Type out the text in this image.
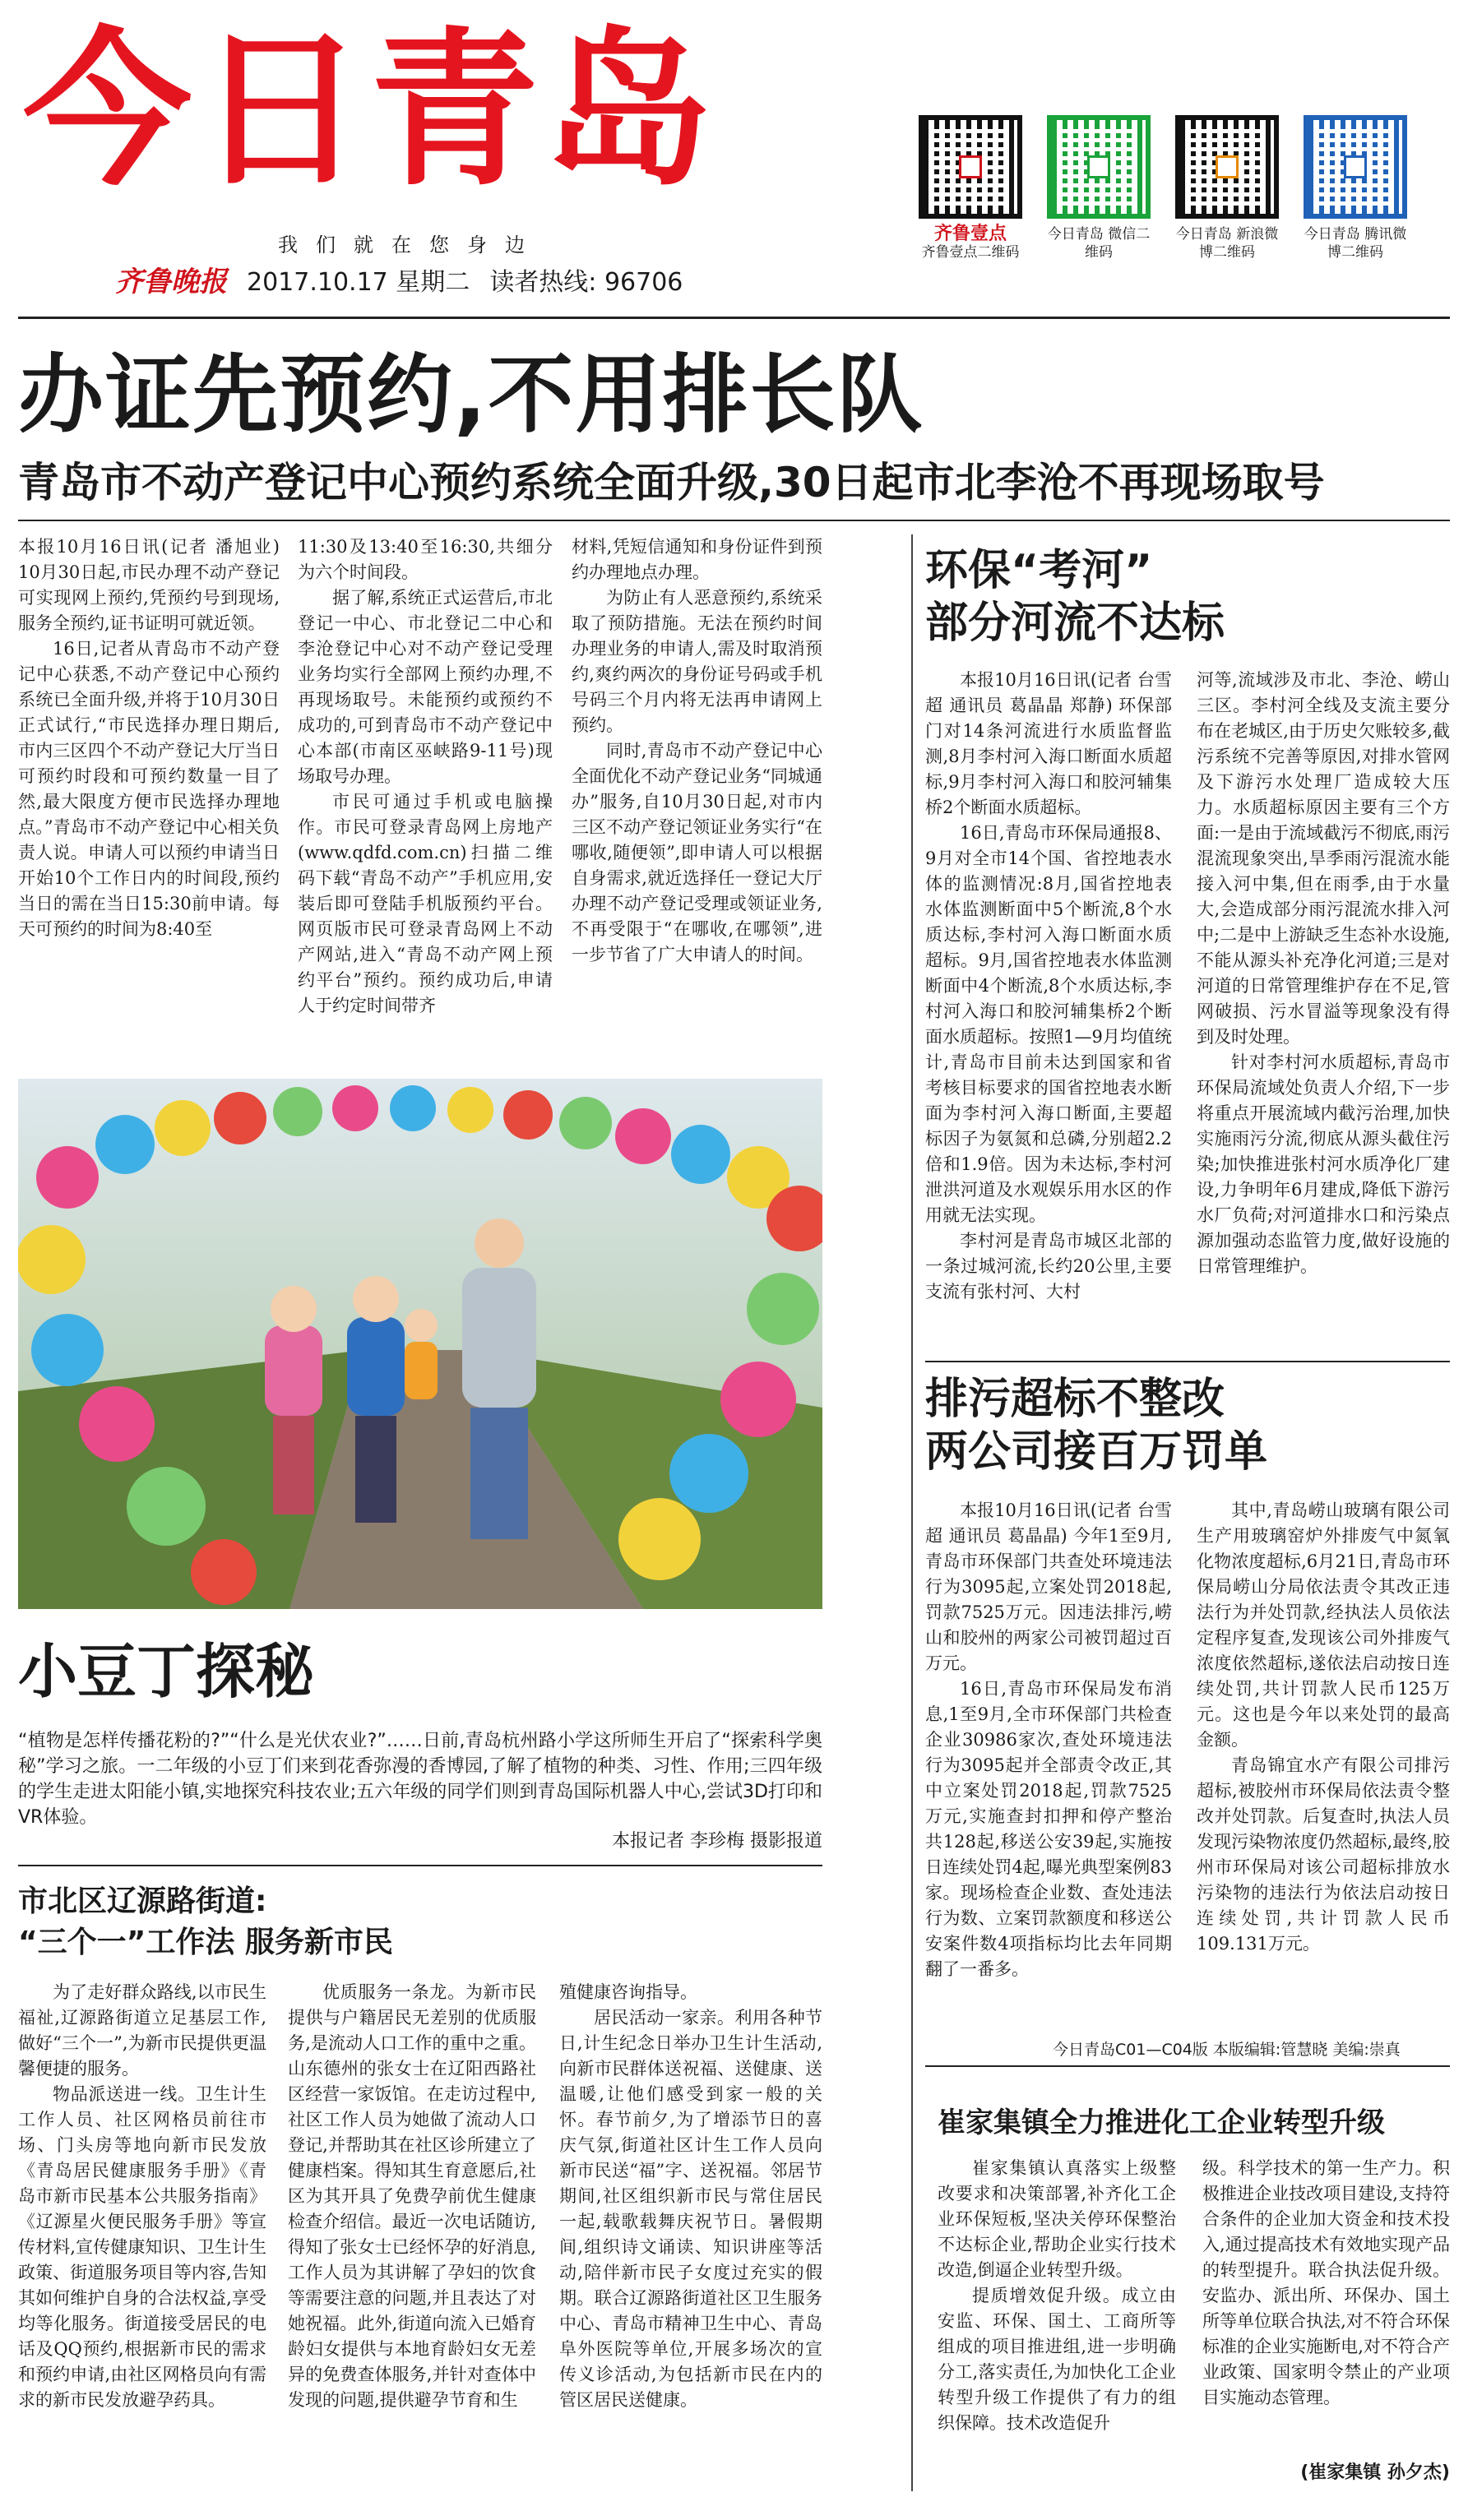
今日青岛
我们就在您身边
齐鲁晚报 2017.10.17 星期二 读者热线: 96706
齐鲁壹点
齐鲁壹点二维码
今日青岛 微信二维码
今日青岛 新浪微博二维码
今日青岛 腾讯微博二维码
办证先预约,不用排长队
青岛市不动产登记中心预约系统全面升级,30日起市北李沧不再现场取号

本报10月16日讯(记者 潘旭业) 10月30日起,市民办理不动产登记可实现网上预约,凭预约号到现场,服务全预约,证书证明可就近领。

16日,记者从青岛市不动产登记中心获悉,不动产登记中心预约系统已全面升级,并将于10月30日正式试行,“市民选择办理日期后,市内三区四个不动产登记大厅当日可预约时段和可预约数量一目了然,最大限度方便市民选择办理地点。”青岛市不动产登记中心相关负责人说。申请人可以预约申请当日开始10个工作日内的时间段,预约当日的需在当日15:30前申请。每天可预约的时间为8:40至

11:30及13:40至16:30,共细分为六个时间段。

据了解,系统正式运营后,市北登记一中心、市北登记二中心和李沧登记中心对不动产登记受理业务均实行全部网上预约办理,不再现场取号。未能预约或预约不成功的,可到青岛市不动产登记中心本部(市南区巫峡路9-11号)现场取号办理。

市民可通过手机或电脑操作。市民可登录青岛网上房地产(www.qdfd.com.cn)扫描二维码下载“青岛不动产”手机应用,安装后即可登陆手机版预约平台。网页版市民可登录青岛网上不动产网站,进入“青岛不动产网上预约平台”预约。预约成功后,申请人于约定时间带齐

材料,凭短信通知和身份证件到预约办理地点办理。

为防止有人恶意预约,系统采取了预防措施。无法在预约时间办理业务的申请人,需及时取消预约,爽约两次的身份证号码或手机号码三个月内将无法再申请网上预约。

同时,青岛市不动产登记中心全面优化不动产登记业务“同城通办”服务,自10月30日起,对市内三区不动产登记领证业务实行“在哪收,随便领”,即申请人可以根据自身需求,就近选择任一登记大厅办理不动产登记受理或领证业务,不再受限于“在哪收,在哪领”,进一步节省了广大申请人的时间。

小豆丁探秘
“植物是怎样传播花粉的?”“什么是光伏农业?”……日前,青岛杭州路小学这所师生开启了“探索科学奥秘”学习之旅。一二年级的小豆丁们来到花香弥漫的香博园,了解了植物的种类、习性、作用;三四年级的学生走进太阳能小镇,实地探究科技农业;五六年级的同学们则到青岛国际机器人中心,尝试3D打印和VR体验。
本报记者 李珍梅 摄影报道
市北区辽源路街道:
“三个一”工作法 服务新市民

为了走好群众路线,以市民生福祉,辽源路街道立足基层工作,做好“三个一”,为新市民提供更温馨便捷的服务。

物品派送进一线。卫生计生工作人员、社区网格员前往市场、门头房等地向新市民发放《青岛居民健康服务手册》《青岛市新市民基本公共服务指南》《辽源星火便民服务手册》等宣传材料,宣传健康知识、卫生计生政策、街道服务项目等内容,告知其如何维护自身的合法权益,享受均等化服务。街道接受居民的电话及QQ预约,根据新市民的需求和预约申请,由社区网格员向有需求的新市民发放避孕药具。

优质服务一条龙。为新市民提供与户籍居民无差别的优质服务,是流动人口工作的重中之重。山东德州的张女士在辽阳西路社区经营一家饭馆。在走访过程中,社区工作人员为她做了流动人口登记,并帮助其在社区诊所建立了健康档案。得知其生育意愿后,社区为其开具了免费孕前优生健康检查介绍信。最近一次电话随访,得知了张女士已经怀孕的好消息,工作人员为其讲解了孕妇的饮食等需要注意的问题,并且表达了对她祝福。此外,街道向流入已婚育龄妇女提供与本地育龄妇女无差异的免费查体服务,并针对查体中发现的问题,提供避孕节育和生

殖健康咨询指导。

居民活动一家亲。利用各种节日,计生纪念日举办卫生计生活动,向新市民群体送祝福、送健康、送温暖,让他们感受到家一般的关怀。春节前夕,为了增添节日的喜庆气氛,街道社区计生工作人员向新市民送“福”字、送祝福。邻居节期间,社区组织新市民与常住居民一起,载歌载舞庆祝节日。暑假期间,组织诗文诵读、知识讲座等活动,陪伴新市民子女度过充实的假期。联合辽源路街道社区卫生服务中心、青岛市精神卫生中心、青岛阜外医院等单位,开展多场次的宣传义诊活动,为包括新市民在内的管区居民送健康。

环保“考河”
部分河流不达标

本报10月16日讯(记者 台雪超 通讯员 葛晶晶 郑静) 环保部门对14条河流进行水质监督监测,8月李村河入海口断面水质超标,9月李村河入海口和胶河辅集桥2个断面水质超标。

16日,青岛市环保局通报8、9月对全市14个国、省控地表水体的监测情况:8月,国省控地表水体监测断面中5个断流,8个水质达标,李村河入海口断面水质超标。9月,国省控地表水体监测断面中4个断流,8个水质达标,李村河入海口和胶河辅集桥2个断面水质超标。按照1—9月均值统计,青岛市目前未达到国家和省考核目标要求的国省控地表水断面为李村河入海口断面,主要超标因子为氨氮和总磷,分别超2.2倍和1.9倍。因为未达标,李村河泄洪河道及水观娱乐用水区的作用就无法实现。

李村河是青岛市城区北部的一条过城河流,长约20公里,主要支流有张村河、大村

河等,流域涉及市北、李沧、崂山三区。李村河全线及支流主要分布在老城区,由于历史欠账较多,截污系统不完善等原因,对排水管网及下游污水处理厂造成较大压力。水质超标原因主要有三个方面:一是由于流域截污不彻底,雨污混流现象突出,旱季雨污混流水能接入河中集,但在雨季,由于水量大,会造成部分雨污混流水排入河中;二是中上游缺乏生态补水设施,不能从源头补充净化河道;三是对河道的日常管理维护存在不足,管网破损、污水冒溢等现象没有得到及时处理。

针对李村河水质超标,青岛市环保局流域处负责人介绍,下一步将重点开展流域内截污治理,加快实施雨污分流,彻底从源头截住污染;加快推进张村河水质净化厂建设,力争明年6月建成,降低下游污水厂负荷;对河道排水口和污染点源加强动态监管力度,做好设施的日常管理维护。

排污超标不整改
两公司接百万罚单

本报10月16日讯(记者 台雪超 通讯员 葛晶晶) 今年1至9月,青岛市环保部门共查处环境违法行为3095起,立案处罚2018起,罚款7525万元。因违法排污,崂山和胶州的两家公司被罚超过百万元。

16日,青岛市环保局发布消息,1至9月,全市环保部门共检查企业30986家次,查处环境违法行为3095起并全部责令改正,其中立案处罚2018起,罚款7525万元,实施查封扣押和停产整治共128起,移送公安39起,实施按日连续处罚4起,曝光典型案例83家。现场检查企业数、查处违法行为数、立案罚款额度和移送公安案件数4项指标均比去年同期翻了一番多。

其中,青岛崂山玻璃有限公司生产用玻璃窑炉外排废气中氮氧化物浓度超标,6月21日,青岛市环保局崂山分局依法责令其改正违法行为并处罚款,经执法人员依法定程序复查,发现该公司外排废气浓度依然超标,遂依法启动按日连续处罚,共计罚款人民币125万元。这也是今年以来处罚的最高金额。

青岛锦宜水产有限公司排污超标,被胶州市环保局依法责令整改并处罚款。后复查时,执法人员发现污染物浓度仍然超标,最终,胶州市环保局对该公司超标排放水污染物的违法行为依法启动按日连续处罚,共计罚款人民币109.131万元。

今日青岛C01—C04版 本版编辑:管慧晓 美编:崇真
崔家集镇全力推进化工企业转型升级

崔家集镇认真落实上级整改要求和决策部署,补齐化工企业环保短板,坚决关停环保整治不达标企业,帮助企业实行技术改造,倒逼企业转型升级。

提质增效促升级。成立由安监、环保、国土、工商所等组成的项目推进组,进一步明确分工,落实责任,为加快化工企业转型升级工作提供了有力的组织保障。技术改造促升

级。科学技术的第一生产力。积极推进企业技改项目建设,支持符合条件的企业加大资金和技术投入,通过提高技术有效地实现产品的转型提升。联合执法促升级。安监办、派出所、环保办、国土所等单位联合执法,对不符合环保标准的企业实施断电,对不符合产业政策、国家明令禁止的产业项目实施动态管理。

(崔家集镇 孙夕杰)
